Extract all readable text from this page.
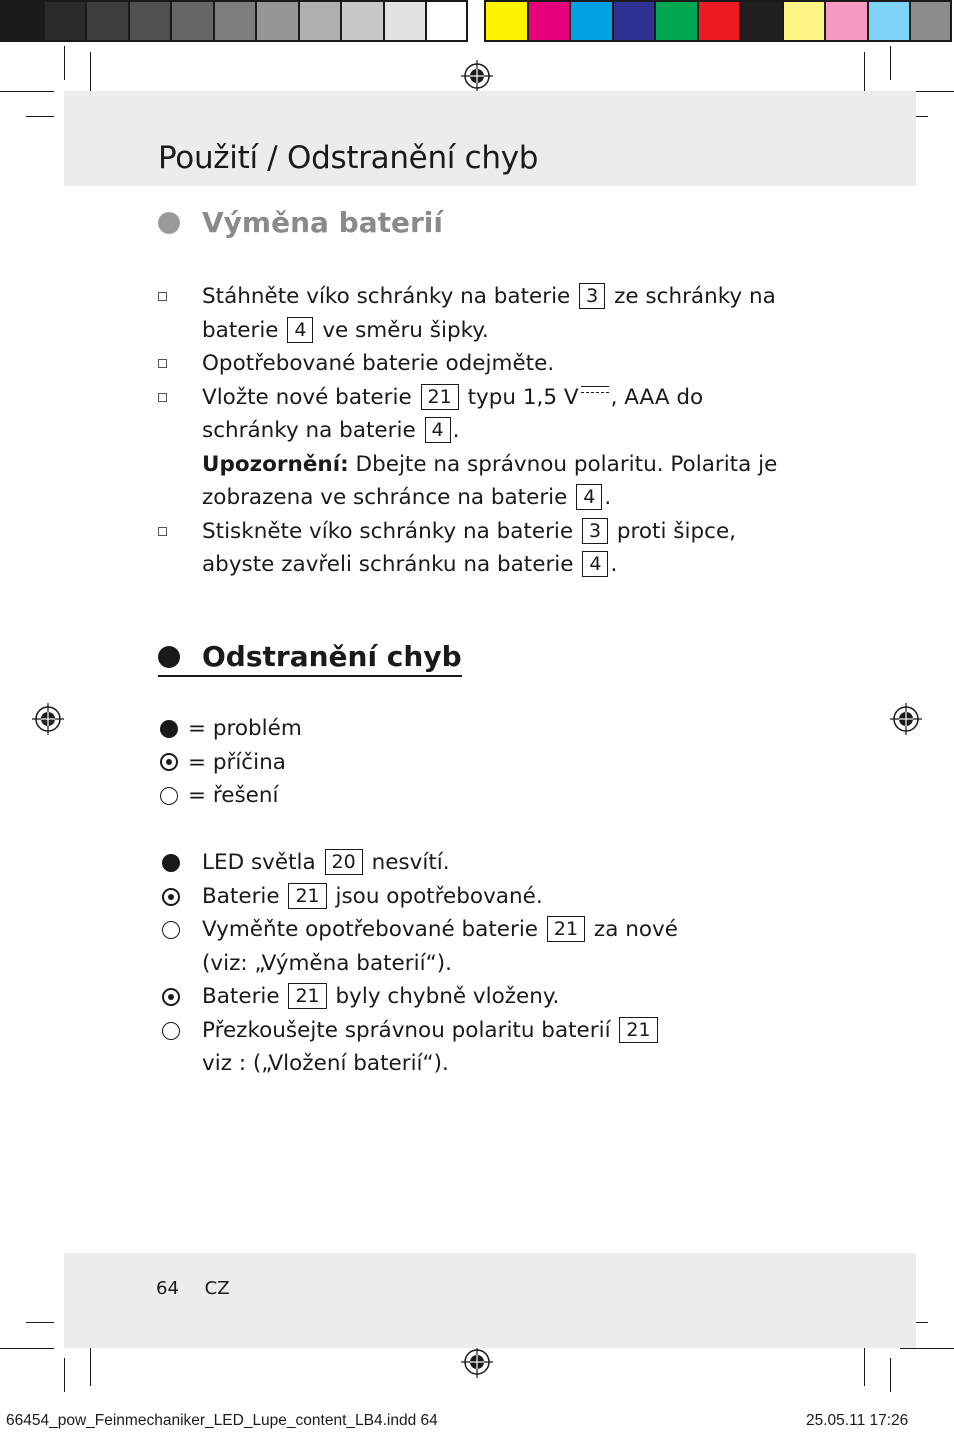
Použití / Odstranění chyb
Výměna baterií
Stáhněte víko schránky na baterie 3 ze schránky na baterie 4 ve směru šipky.
Opotřebované baterie odejměte.
Vložte nové baterie 21 typu 1,5 V , AAA do schránky na baterie 4 .
Upozornění: Dbejte na správnou polaritu. Polarita je zobrazena ve schránce na baterie 4 .
Stiskněte víko schránky na baterie 3 proti šipce, abyste zavřeli schránku na baterie 4 .
Odstranění chyb
= problém
= příčina
= řešení
LED světla 20 nesvítí.
Baterie 21 jsou opotřebované.
Vyměňte opotřebované baterie 21 za nové (viz: „Výměna baterií“).
Baterie 21 byly chybně vloženy.
Přezkoušejte správnou polaritu baterií 21
viz : („Vložení baterií“).
64 CZ
66454_pow_Feinmechaniker_LED_Lupe_content_LB4.indd 64	25.05.11 17:26
